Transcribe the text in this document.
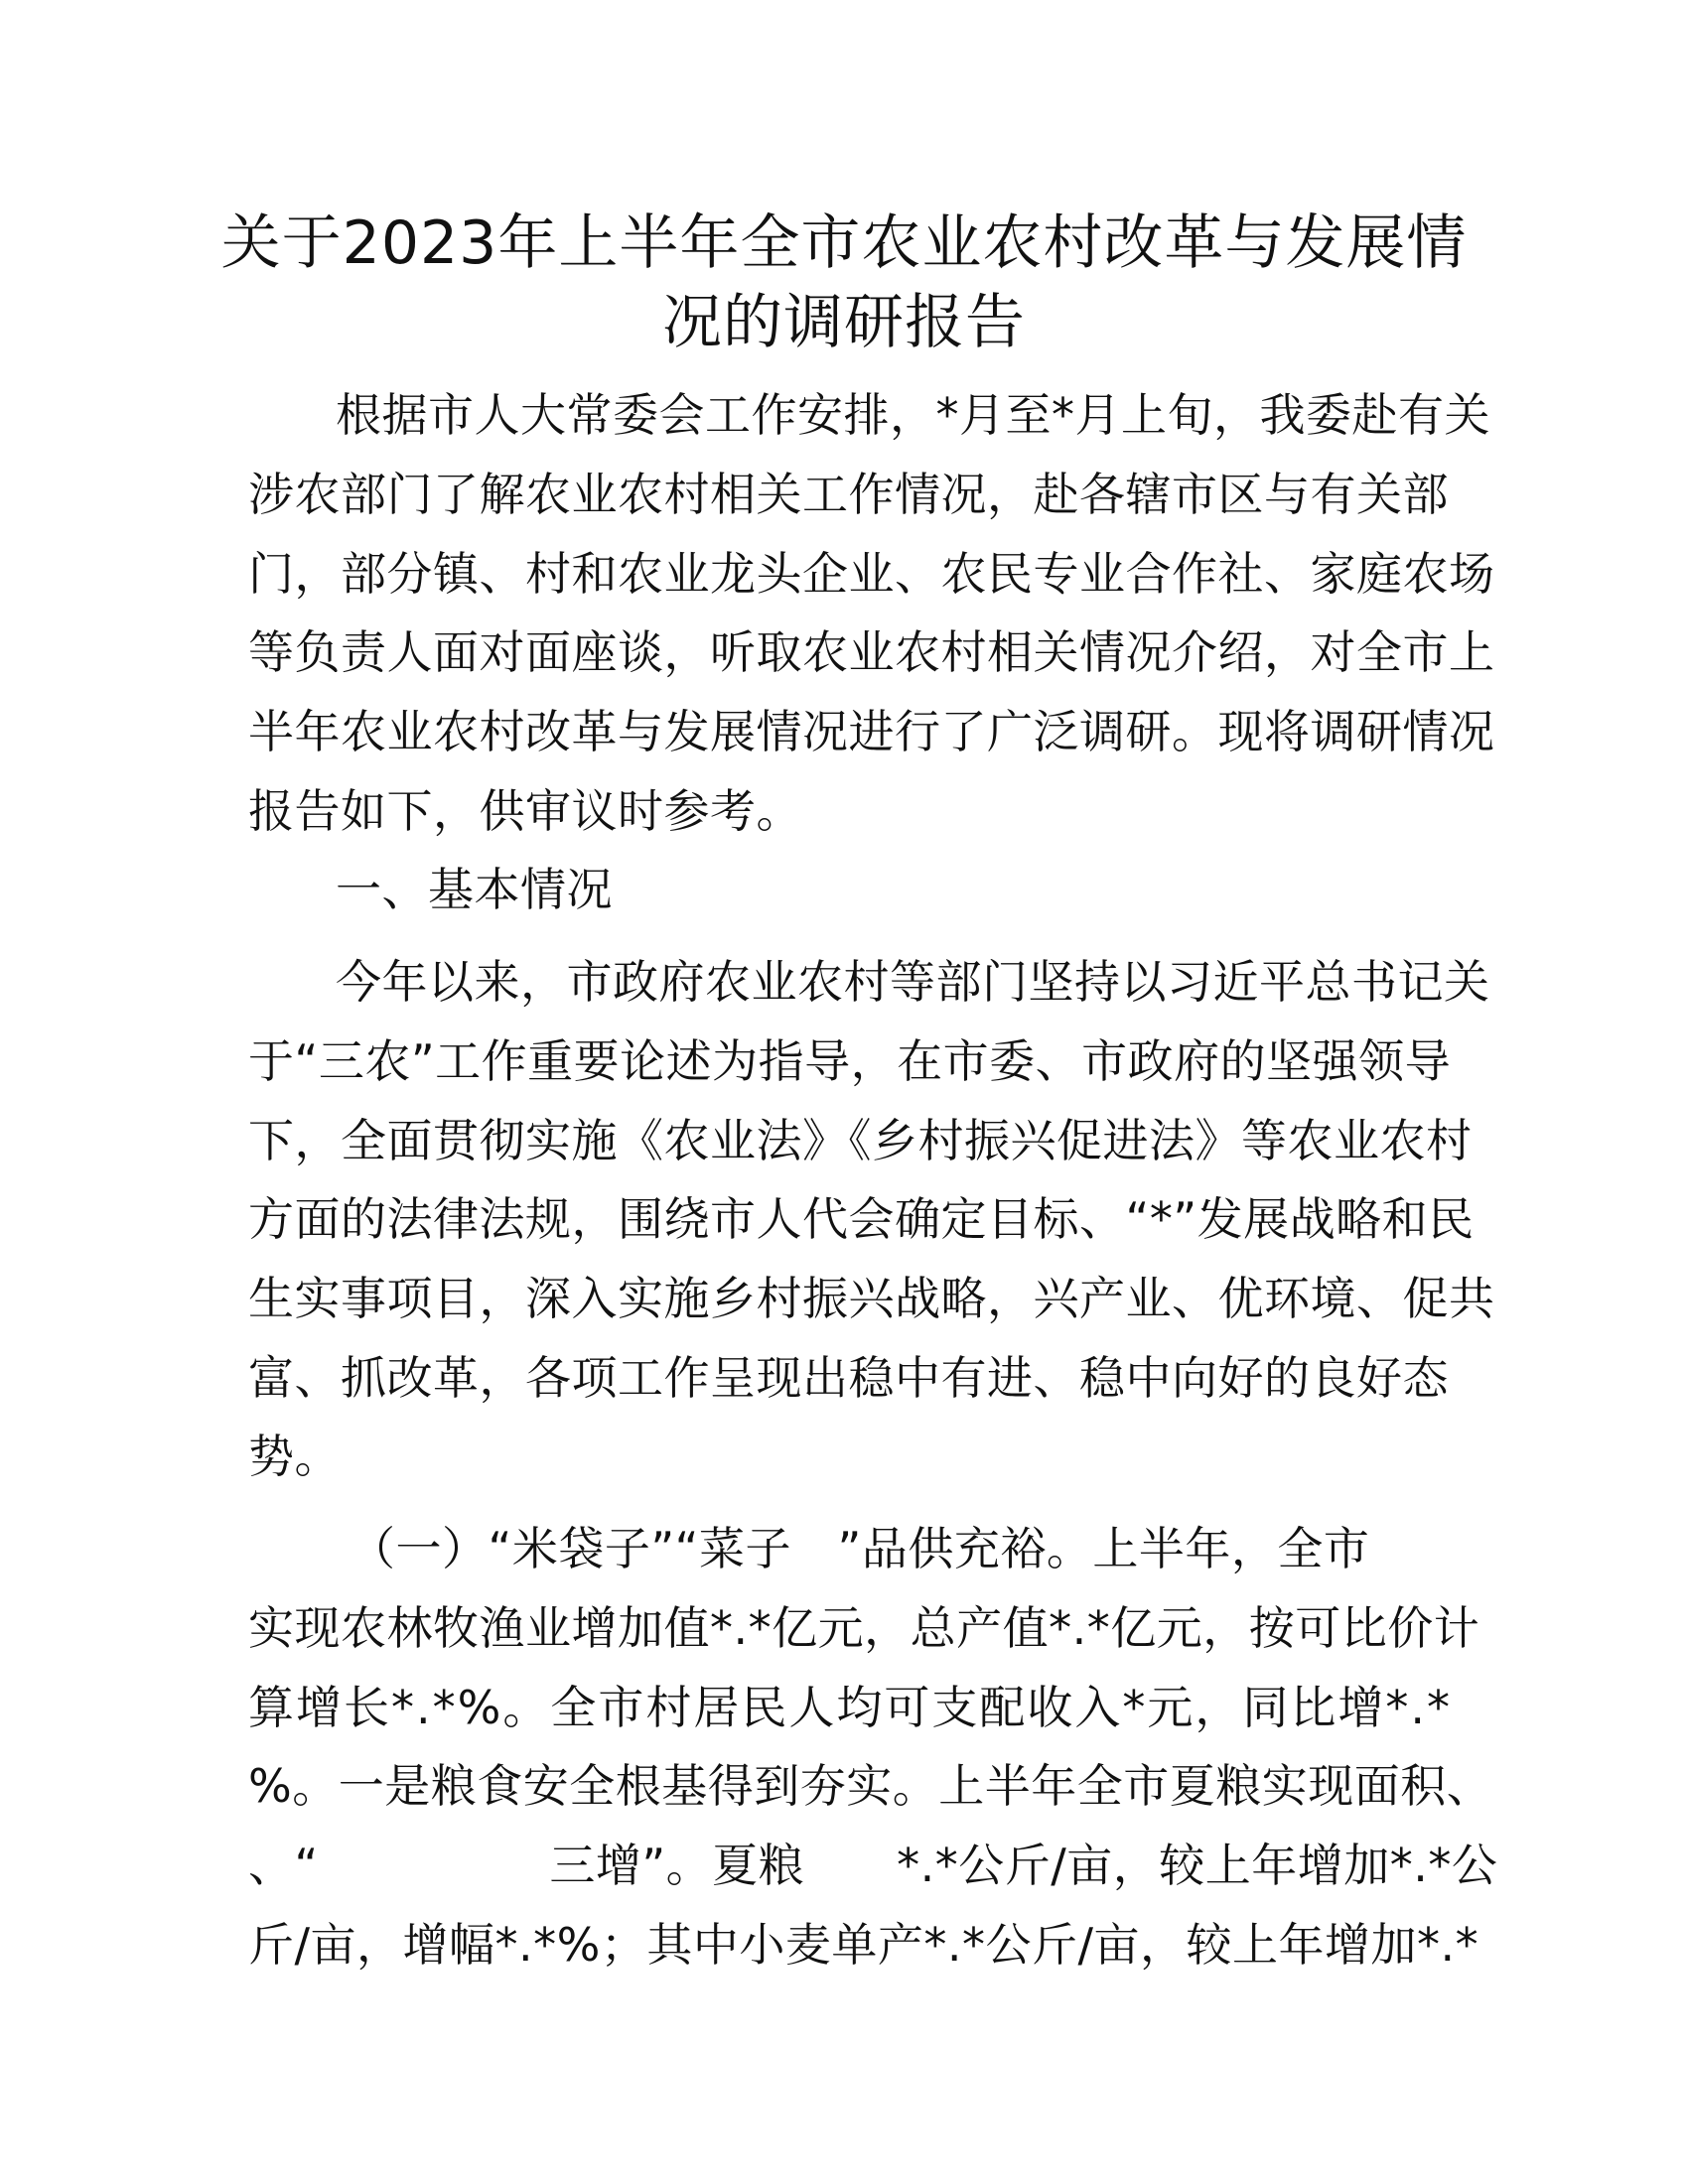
关于2023年上半年全市农业农村改革与发展情
况的调研报告
根据市人大常委会工作安排，*月至*月上旬，我委赴有关
涉农部门了解农业农村相关工作情况，赴各辖市区与有关部
门，部分镇、村和农业龙头企业、农民专业合作社、家庭农场
等负责人面对面座谈，听取农业农村相关情况介绍，对全市上
半年农业农村改革与发展情况进行了广泛调研。现将调研情况
报告如下，供审议时参考。
一、基本情况
今年以来，市政府农业农村等部门坚持以习近平总书记关
于“三农”工作重要论述为指导，在市委、市政府的坚强领导
下，全面贯彻实施《农业法》《乡村振兴促进法》等农业农村
方面的法律法规，围绕市人代会确定目标、“*”发展战略和民
生实事项目，深入实施乡村振兴战略，兴产业、优环境、促共
富、抓改革，各项工作呈现出稳中有进、稳中向好的良好态
势。
（一）“米袋子”“菜子　”品供充裕。上半年，全市
实现农林牧渔业增加值*.*亿元，总产值*.*亿元，按可比价计
算增长*.*%。全市村居民人均可支配收入*元，同比增*.*
%。一是粮食安全根基得到夯实。上半年全市夏粮实现面积、
、“　　　　　三增”。夏粮　　*.*公斤/亩，较上年增加*.*公
斤/亩，增幅*.*%；其中小麦单产*.*公斤/亩，较上年增加*.*
